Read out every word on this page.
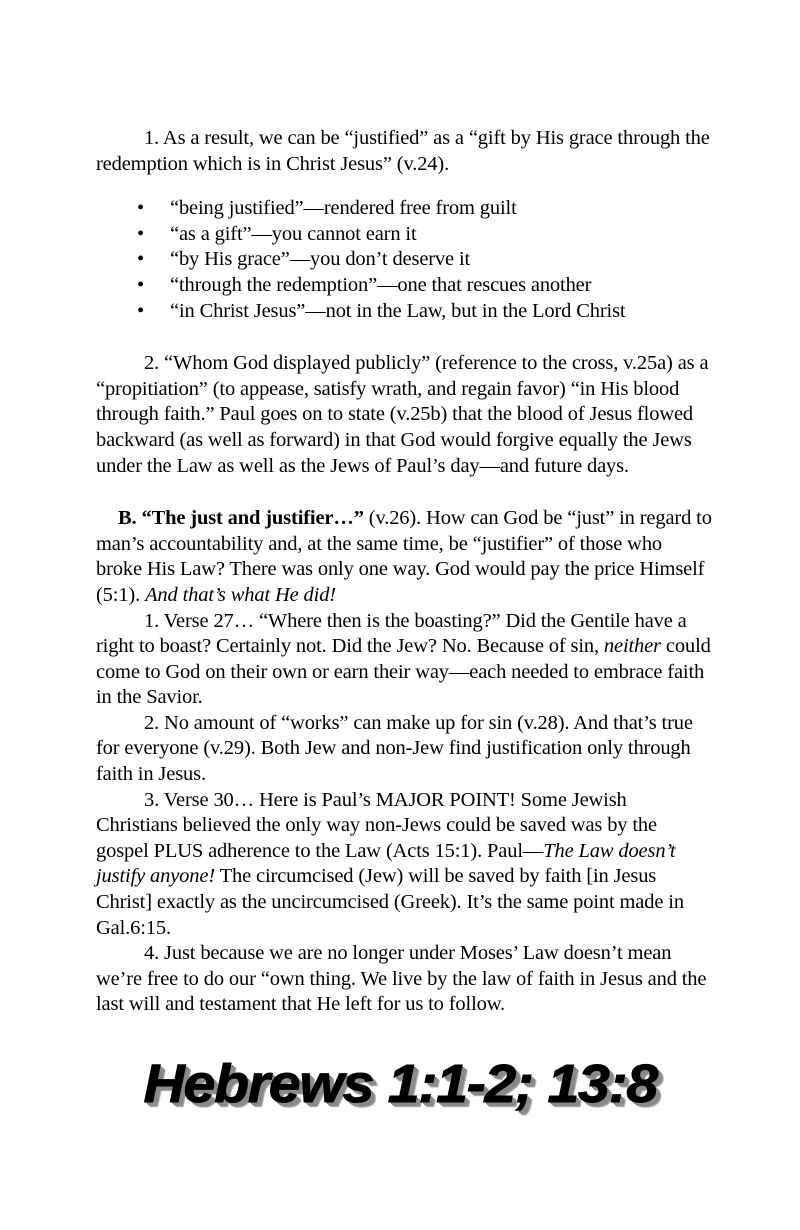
1. As a result, we can be “justified” as a “gift by His grace through the redemption which is in Christ Jesus” (v.24).

• “being justified”—rendered free from guilt
• “as a gift”—you cannot earn it
• “by His grace”—you don’t deserve it
• “through the redemption”—one that rescues another
• “in Christ Jesus”—not in the Law, but in the Lord Christ

2. “Whom God displayed publicly” (reference to the cross, v.25a) as a “propitiation” (to appease, satisfy wrath, and regain favor) “in His blood through faith.” Paul goes on to state (v.25b) that the blood of Jesus flowed backward (as well as forward) in that God would forgive equally the Jews under the Law as well as the Jews of Paul’s day—and future days.

B. “The just and justifier…” (v.26). How can God be “just” in regard to man’s accountability and, at the same time, be “justifier” of those who broke His Law? There was only one way. God would pay the price Himself (5:1). And that’s what He did!

1. Verse 27… “Where then is the boasting?” Did the Gentile have a right to boast? Certainly not. Did the Jew? No. Because of sin, neither could come to God on their own or earn their way—each needed to embrace faith in the Savior.

2. No amount of “works” can make up for sin (v.28). And that’s true for everyone (v.29). Both Jew and non-Jew find justification only through faith in Jesus.

3. Verse 30… Here is Paul’s MAJOR POINT! Some Jewish Christians believed the only way non-Jews could be saved was by the gospel PLUS adherence to the Law (Acts 15:1). Paul—The Law doesn’t justify anyone! The circumcised (Jew) will be saved by faith [in Jesus Christ] exactly as the uncircumcised (Greek). It’s the same point made in Gal.6:15.

4. Just because we are no longer under Moses’ Law doesn’t mean we’re free to do our “own thing. We live by the law of faith in Jesus and the last will and testament that He left for us to follow.

Hebrews 1:1-2; 13:8
